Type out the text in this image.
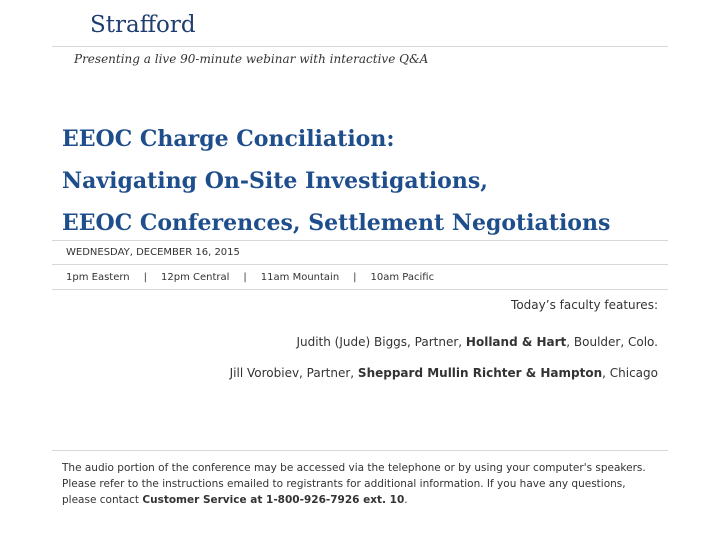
Strafford
Presenting a live 90-minute webinar with interactive Q&A
EEOC Charge Conciliation:
Navigating On-Site Investigations,
EEOC Conferences, Settlement Negotiations
WEDNESDAY, DECEMBER 16, 2015
1pm Eastern | 12pm Central | 11am Mountain | 10am Pacific
Today’s faculty features:
Judith (Jude) Biggs, Partner, Holland & Hart, Boulder, Colo.
Jill Vorobiev, Partner, Sheppard Mullin Richter & Hampton, Chicago
The audio portion of the conference may be accessed via the telephone or by using your computer's speakers. Please refer to the instructions emailed to registrants for additional information. If you have any questions, please contact Customer Service at 1-800-926-7926 ext. 10.
